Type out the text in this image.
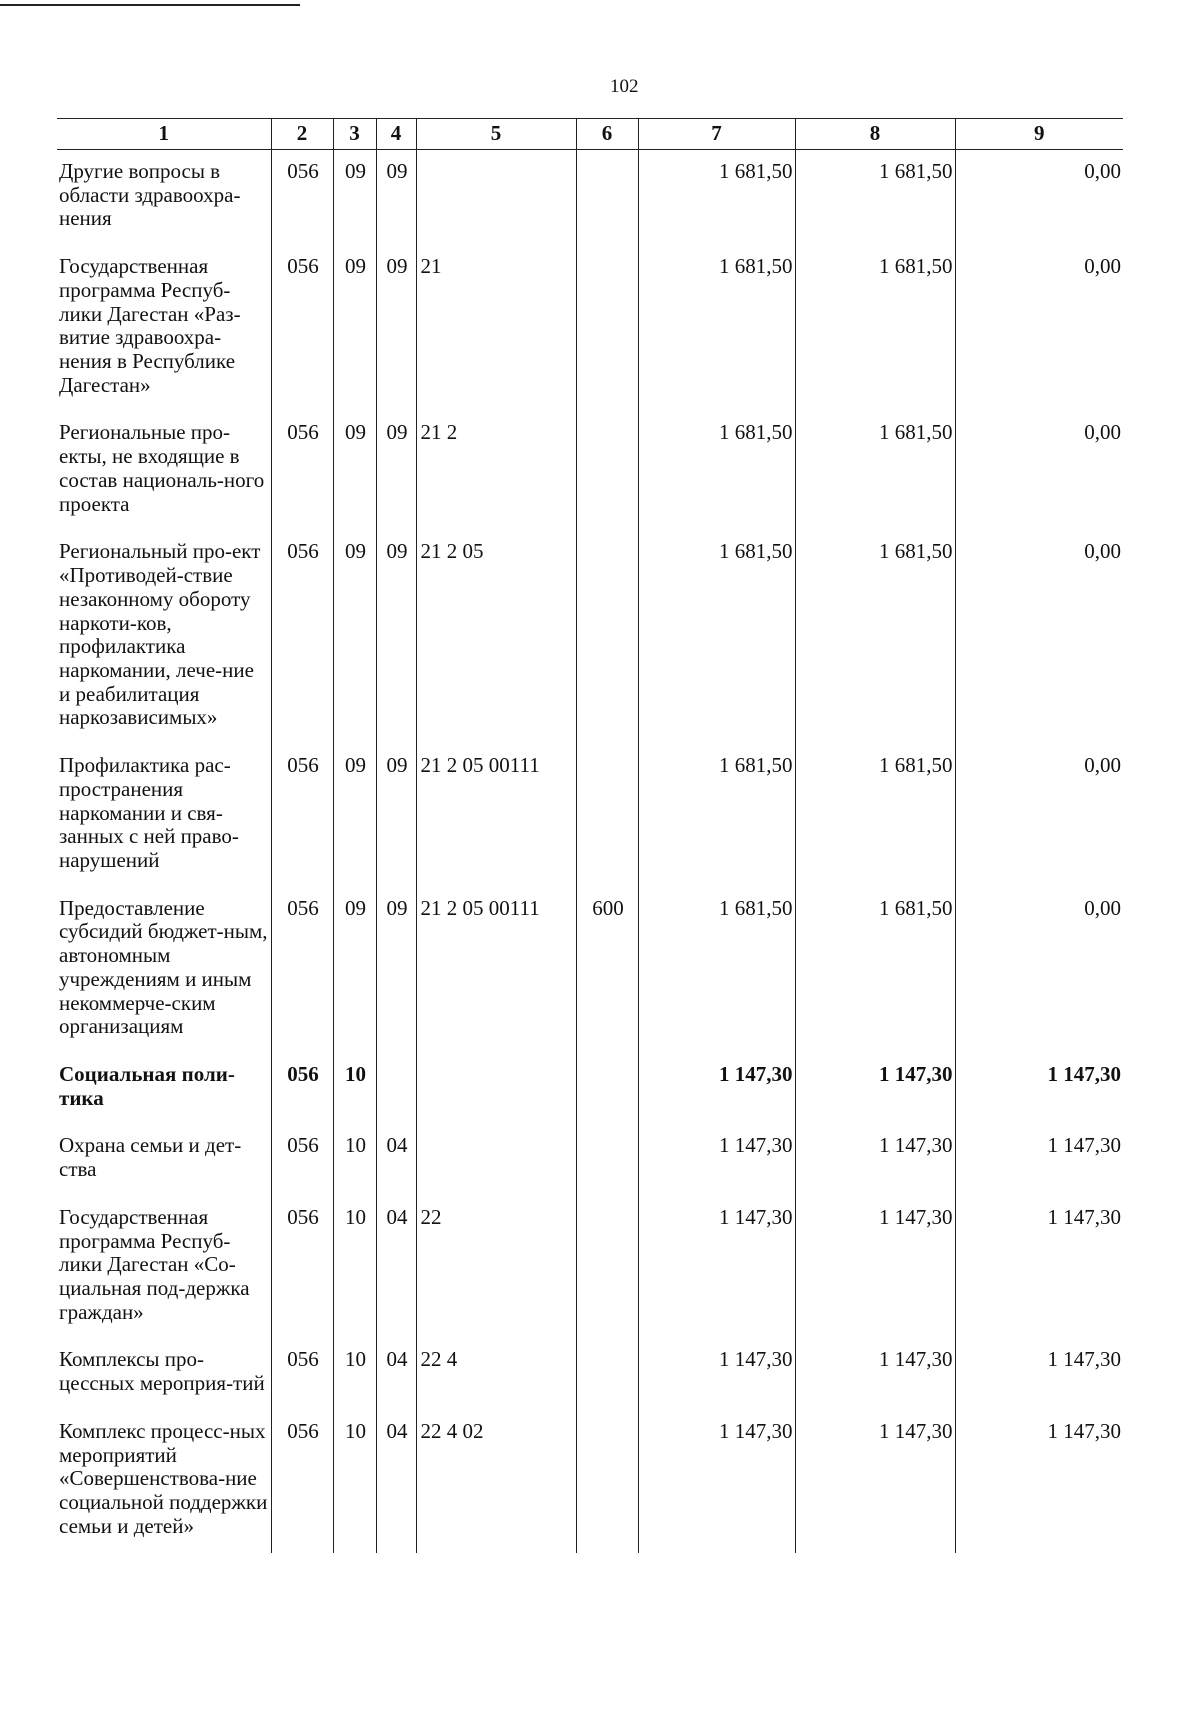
102
1	2	3	4	5	6	7	8	9
Другие вопросы в области здравоохра-нения	056	09	09			1 681,50	1 681,50	0,00
Государственная программа Респуб-лики Дагестан «Раз-витие здравоохра-нения в Республике Дагестан»	056	09	09	21		1 681,50	1 681,50	0,00
Региональные про-екты, не входящие в состав националь-ного проекта	056	09	09	21 2		1 681,50	1 681,50	0,00
Региональный про-ект «Противодей-ствие незаконному обороту наркоти-ков, профилактика наркомании, лече-ние и реабилитация наркозависимых»	056	09	09	21 2 05		1 681,50	1 681,50	0,00
Профилактика рас-пространения наркомании и свя-занных с ней право-нарушений	056	09	09	21 2 05 00111		1 681,50	1 681,50	0,00
Предоставление субсидий бюджет-ным, автономным учреждениям и иным некоммерче-ским организациям	056	09	09	21 2 05 00111	600	1 681,50	1 681,50	0,00
Социальная поли-тика	056	10				1 147,30	1 147,30	1 147,30
Охрана семьи и дет-ства	056	10	04			1 147,30	1 147,30	1 147,30
Государственная программа Респуб-лики Дагестан «Со-циальная под-держка граждан»	056	10	04	22		1 147,30	1 147,30	1 147,30
Комплексы про-цессных мероприя-тий	056	10	04	22 4		1 147,30	1 147,30	1 147,30
Комплекс процесс-ных мероприятий «Совершенствова-ние социальной поддержки семьи и детей»	056	10	04	22 4 02		1 147,30	1 147,30	1 147,30
